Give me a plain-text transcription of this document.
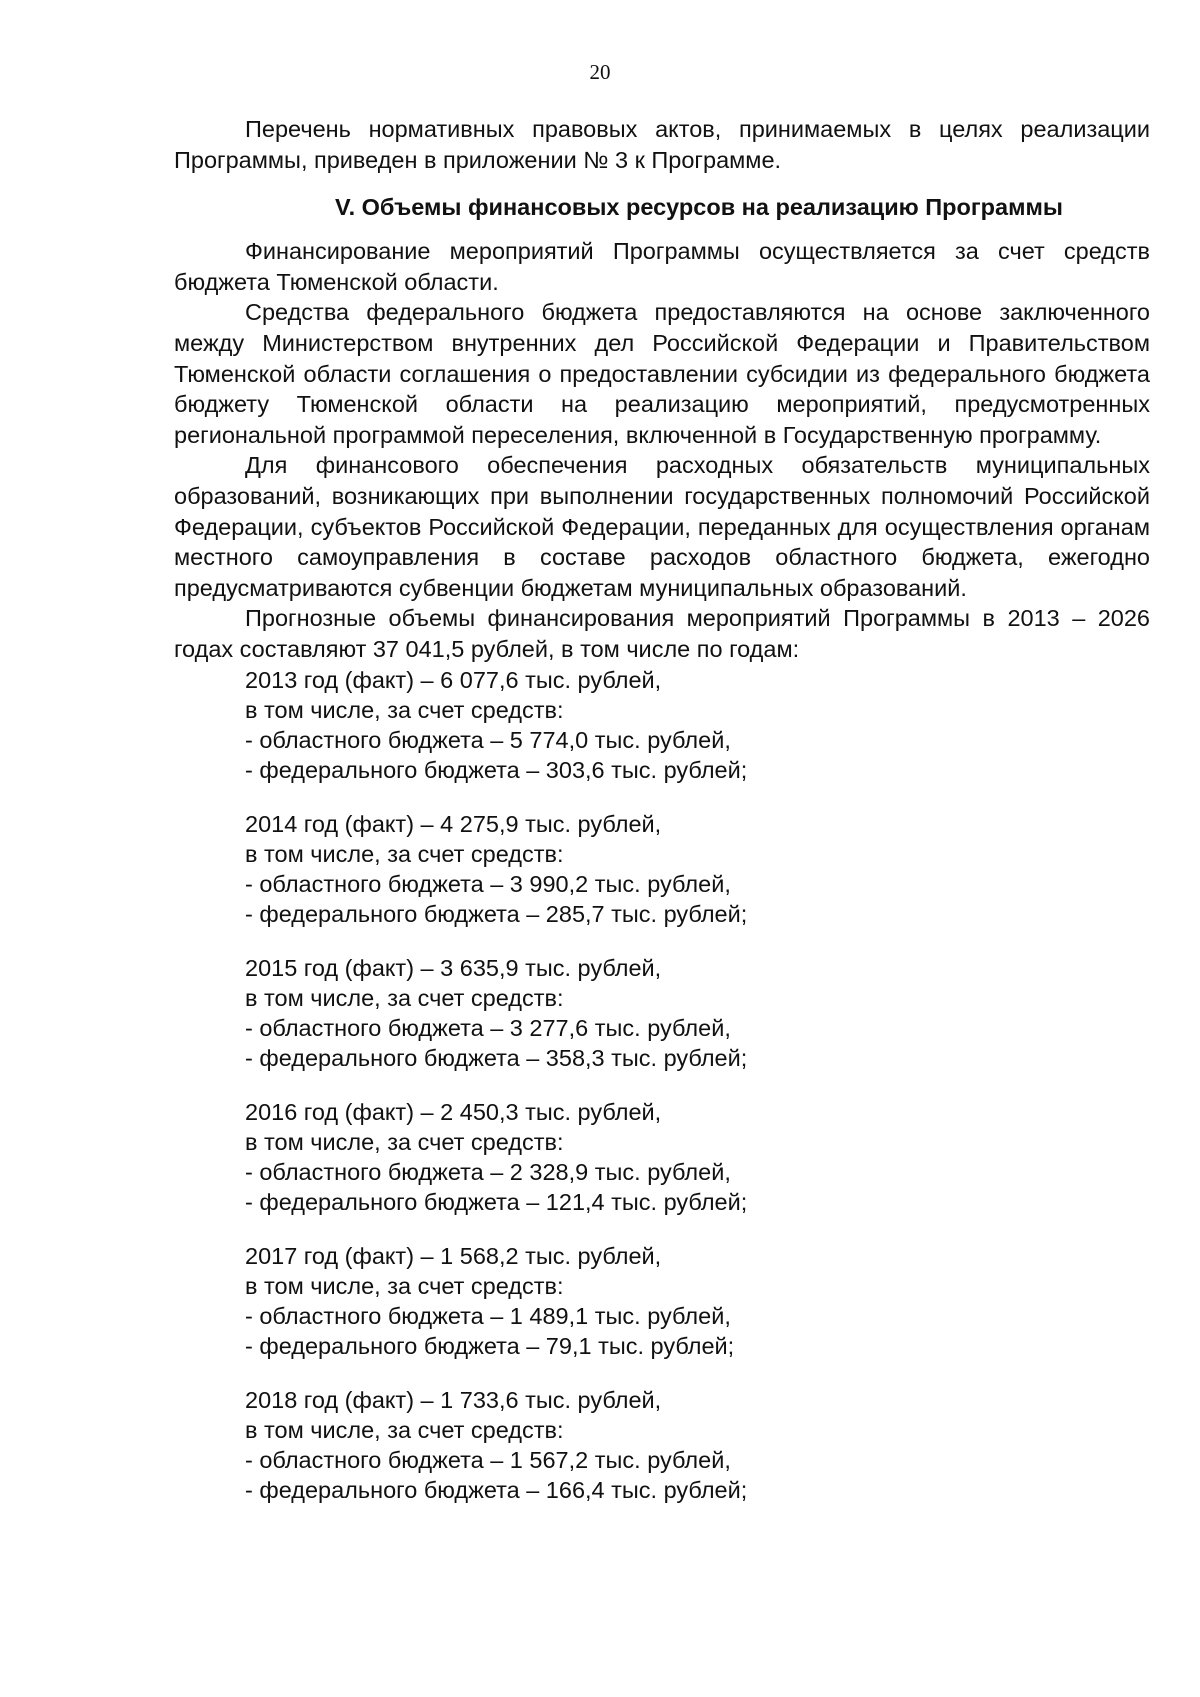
20

Перечень нормативных правовых актов, принимаемых в целях реализации Программы, приведен в приложении № 3 к Программе.

V. Объемы финансовых ресурсов на реализацию Программы

Финансирование мероприятий Программы осуществляется за счет средств бюджета Тюменской области.

Средства федерального бюджета предоставляются на основе заключенного между Министерством внутренних дел Российской Федерации и Правительством Тюменской области соглашения о предоставлении субсидии из федерального бюджета бюджету Тюменской области на реализацию мероприятий, предусмотренных региональной программой переселения, включенной в Государственную программу.

Для финансового обеспечения расходных обязательств муниципальных образований, возникающих при выполнении государственных полномочий Российской Федерации, субъектов Российской Федерации, переданных для осуществления органам местного самоуправления в составе расходов областного бюджета, ежегодно предусматриваются субвенции бюджетам муниципальных образований.

Прогнозные объемы финансирования мероприятий Программы в 2013 – 2026 годах составляют 37 041,5 рублей, в том числе по годам:

2013 год (факт) – 6 077,6 тыс. рублей,

в том числе, за счет средств:

- областного бюджета – 5 774,0 тыс. рублей,

- федерального бюджета – 303,6 тыс. рублей;

2014 год (факт) – 4 275,9 тыс. рублей,

в том числе, за счет средств:

- областного бюджета – 3 990,2 тыс. рублей,

- федерального бюджета – 285,7 тыс. рублей;

2015 год (факт) – 3 635,9 тыс. рублей,

в том числе, за счет средств:

- областного бюджета – 3 277,6 тыс. рублей,

- федерального бюджета – 358,3 тыс. рублей;

2016 год (факт) – 2 450,3 тыс. рублей,

в том числе, за счет средств:

- областного бюджета – 2 328,9 тыс. рублей,

- федерального бюджета – 121,4 тыс. рублей;

2017 год (факт) – 1 568,2 тыс. рублей,

в том числе, за счет средств:

- областного бюджета – 1 489,1 тыс. рублей,

- федерального бюджета – 79,1 тыс. рублей;

2018 год (факт) – 1 733,6 тыс. рублей,

в том числе, за счет средств:

- областного бюджета – 1 567,2 тыс. рублей,

- федерального бюджета – 166,4 тыс. рублей;
